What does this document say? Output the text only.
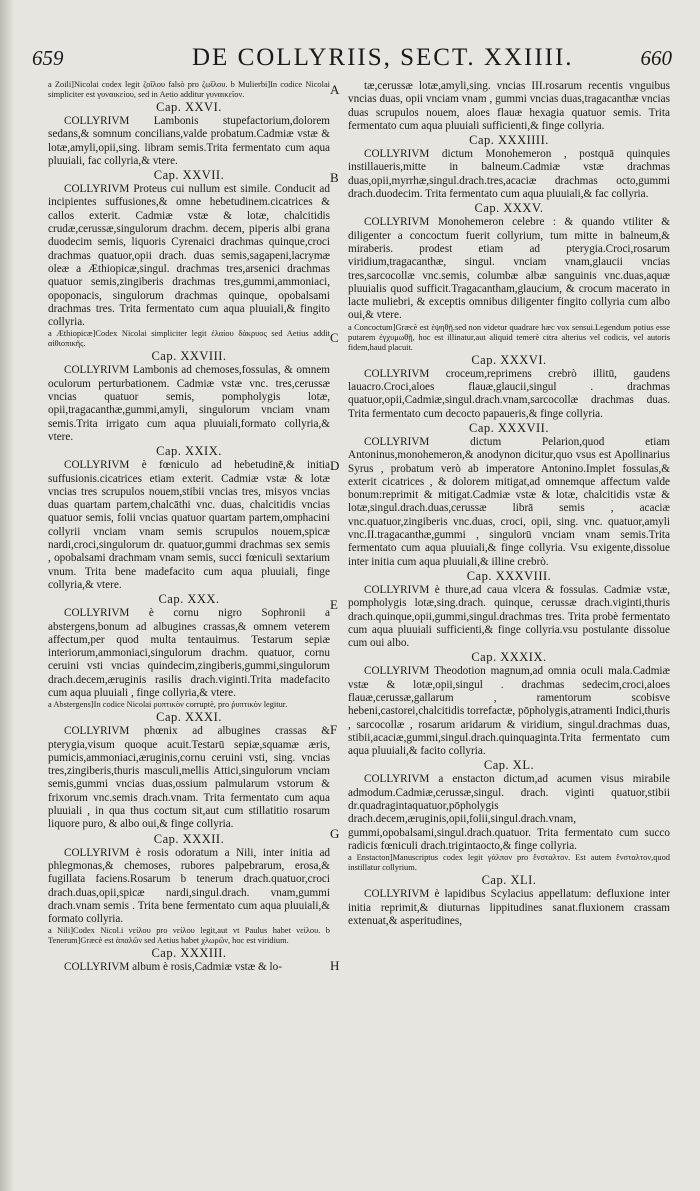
659	DE COLLYRIIS, SECT. XXIIII.	660

a Zoili]Nicolai codex legit ζοΐλου falsò pro ζωΐλου. b Mulierbi]In codice Nicolai simpliciter est γυναικείου, sed in Aetio additur γυναικεῖον.

Cap. XXVI.

COLLYRIVM Lambonis stupefactorium,dolorem sedans,& somnum concilians,valde probatum.Cadmiæ vstæ & lotæ,amyli,opii,sing. libram semis.Trita fermentato cum aqua pluuiali, fac collyria,& vtere.

Cap. XXVII.

COLLYRIVM Proteus cui nullum est simile. Conducit ad incipientes suffusiones,& omne hebetudinem.cicatrices & callos exterit. Cadmiæ vstæ & lotæ, chalcitidis crudæ,cerussæ,singulorum drachm. decem, piperis albi grana duodecim semis, liquoris Cyrenaici drachmas quinque,croci drachmas quatuor,opii drach. duas semis,sagapeni,lacrymæ oleæ a Æthiopicæ,singul. drachmas tres,arsenici drachmas quatuor semis,zingiberis drachmas tres,gummi,ammoniaci, opoponacis, singulorum drachmas quinque, opobalsami drachmas tres. Trita fermentato cum aqua pluuiali,& fingito collyria.

a Æthiopicæ]Codex Nicolai simpliciter legit ἐλαίου δάκρυος sed Aetius addit αἰθιοπικῆς.

Cap. XXVIII.

COLLYRIVM Lambonis ad chemoses,fossulas, & omnem oculorum perturbationem. Cadmiæ vstæ vnc. tres,cerussæ vncias quatuor semis, pompholygis lotæ, opii,tragacanthæ,gummi,amyli, singulorum vnciam vnam semis.Trita irrigato cum aqua pluuiali,formato collyria,& vtere.

Cap. XXIX.

COLLYRIVM è fœniculo ad hebetudinē,& initia suffusionis.cicatrices etiam exterit. Cadmiæ vstæ & lotæ vncias tres scrupulos nouem,stibii vncias tres, misyos vncias duas quartam partem,chalcāthi vnc. duas, chalcitidis vncias quatuor semis, folii vncias quatuor quartam partem,omphacini collyrii vnciam vnam semis scrupulos nouem,spicæ nardi,croci,singulorum dr. quatuor,gummi drachmas sex semis , opobalsami drachmam vnam semis, succi fœniculi sextarium vnum. Trita bene madefacito cum aqua pluuiali, finge collyria,& vtere.

Cap. XXX.

COLLYRIVM è cornu nigro Sophronii a abstergens,bonum ad albugines crassas,& omnem veterem affectum,per quod multa tentauimus. Testarum sepiæ interiorum,ammoniaci,singulorum drachm. quatuor, cornu ceruini vsti vncias quindecim,zingiberis,gummi,singulorum drach.decem,æruginis rasilis drach.viginti.Trita madefacito cum aqua pluuiali , finge collyria,& vtere.

a Abstergens]In codice Nicolai ρυπτικὸν corruptè, pro ῥυπτικὸν legitur.

Cap. XXXI.

COLLYRIVM phœnix ad albugines crassas & pterygia,visum quoque acuit.Testarū sepiæ,squamæ æris, pumicis,ammoniaci,æruginis,cornu ceruini vsti, sing. vncias tres,zingiberis,thuris masculi,mellis Attici,singulorum vnciam semis,gummi vncias duas,ossium palmularum vstorum & frixorum vnc.semis drach.vnam. Trita fermentato cum aqua pluuiali , in qua thus coctum sit,aut cum stillatitio rosarum liquore puro, & albo oui,& finge collyria.

Cap. XXXII.

COLLYRIVM è rosis odoratum a Nili, inter initia ad phlegmonas,& chemoses, rubores palpebrarum, erosa,& fugillata faciens.Rosarum b tenerum drach.quatuor,croci drach.duas,opii,spicæ nardi,singul.drach. vnam,gummi drach.vnam semis . Trita bene fermentato cum aqua pluuiali,& formato collyria.

a Nili]Codex Nicol.i νείλου pro νείλου legit,aut vt Paulus habet νείλου. b Tenerum]Græcè est ἁπαλῶν sed Aetius habet χλωρῶν, hoc est viridium.

Cap. XXXIII.

COLLYRIVM album è rosis,Cadmiæ vstæ & lo-

tæ,cerussæ lotæ,amyli,sing. vncias III.rosarum recentis vnguibus vncias duas, opii vnciam vnam , gummi vncias duas,tragacanthæ vncias duas scrupulos nouem, aloes flauæ hexagia quatuor semis. Trita fermentato cum aqua pluuiali sufficienti,& finge collyria.

Cap. XXXIIII.

COLLYRIVM dictum Monohemeron , postquā quinquies instillaueris,mitte in balneum.Cadmiæ vstæ drachmas duas,opii,myrrhæ,singul.drach.tres,acaciæ drachmas octo,gummi drach.duodecim. Trita fermentato cum aqua pluuiali,& fac collyria.

Cap. XXXV.

COLLYRIVM Monohemeron celebre : & quando vtiliter & diligenter a concoctum fuerit collyrium, tum mitte in balneum,& miraberis. prodest etiam ad pterygia.Croci,rosarum viridium,tragacanthæ, singul. vnciam vnam,glaucii vncias tres,sarcocollæ vnc.semis, columbæ albæ sanguinis vnc.duas,aquæ pluuialis quod sufficit.Tragacantham,glaucium, & crocum macerato in lacte muliebri, & exceptis omnibus diligenter fingito collyria cum albo oui,& vtere.

a Concoctum]Græcè est ἑψηθῇ.sed non videtur quadrare hæc vox sensui.Legendum potius esse putarem ἐγχυμωθῇ, hoc est illinatur,aut aliquid temerè citra alterius vel codicis, vel autoris fidem,haud placuit.

Cap. XXXVI.

COLLYRIVM croceum,reprimens crebrò illitū, gaudens lauacro.Croci,aloes flauæ,glaucii,singul . drachmas quatuor,opii,Cadmiæ,singul.drach.vnam,sarcocollæ drachmas duas. Trita fermentato cum decocto papaueris,& finge collyria.

Cap. XXXVII.

COLLYRIVM dictum Pelarion,quod etiam Antoninus,monohemeron,& anodynon dicitur,quo vsus est Apollinarius Syrus , probatum verò ab imperatore Antonino.Implet fossulas,& exterit cicatrices , & dolorem mitigat,ad omnemque affectum valde bonum:reprimit & mitigat.Cadmiæ vstæ & lotæ, chalcitidis vstæ & lotæ,singul.drach.duas,cerussæ librā semis , acaciæ vnc.quatuor,zingiberis vnc.duas, croci, opii, sing. vnc. quatuor,amyli vnc.II.tragacanthæ,gummi , singulorū vnciam vnam semis.Trita fermentato cum aqua pluuiali,& finge collyria. Vsu exigente,dissolue inter initia cum aqua pluuiali,& illine crebrò.

Cap. XXXVIII.

COLLYRIVM è thure,ad caua vlcera & fossulas. Cadmiæ vstæ, pompholygis lotæ,sing.drach. quinque, cerussæ drach.viginti,thuris drach.quinque,opii,gummi,singul.drachmas tres. Trita probè fermentato cum aqua pluuiali sufficienti,& finge collyria.vsu postulante dissolue cum oui albo.

Cap. XXXIX.

COLLYRIVM Theodotion magnum,ad omnia oculi mala.Cadmiæ vstæ & lotæ,opii,singul . drachmas sedecim,croci,aloes flauæ,cerussæ,gallarum , ramentorum scobisve hebeni,castorei,chalcitidis torrefactæ, pōpholygis,atramenti Indici,thuris , sarcocollæ , rosarum aridarum & viridium, singul.drachmas duas, stibii,acaciæ,gummi,singul.drach.quinquaginta.Trita fermentato cum aqua pluuiali,& facito collyria.

Cap. XL.

COLLYRIVM a enstacton dictum,ad acumen visus mirabile admodum.Cadmiæ,cerussæ,singul. drach. viginti quatuor,stibii dr.quadragintaquatuor,pōpholygis drach.decem,æruginis,opii,folii,singul.drach.vnam, gummi,opobalsami,singul.drach.quatuor. Trita fermentato cum succo radicis fœniculi drach.trigintaocto,& finge collyria.

a Enstacton]Manuscriptus codex legit γάλπον pro ἔνσταλτον. Est autem ἔνσταλτον,quod instillatur collyrium.

Cap. XLI.

COLLYRIVM è lapidibus Scylacius appellatum: defluxione inter initia reprimit,& diuturnas lippitudines sanat.fluxionem crassam extenuat,& asperitudines,

A
B
C
D
E
F
G
H
